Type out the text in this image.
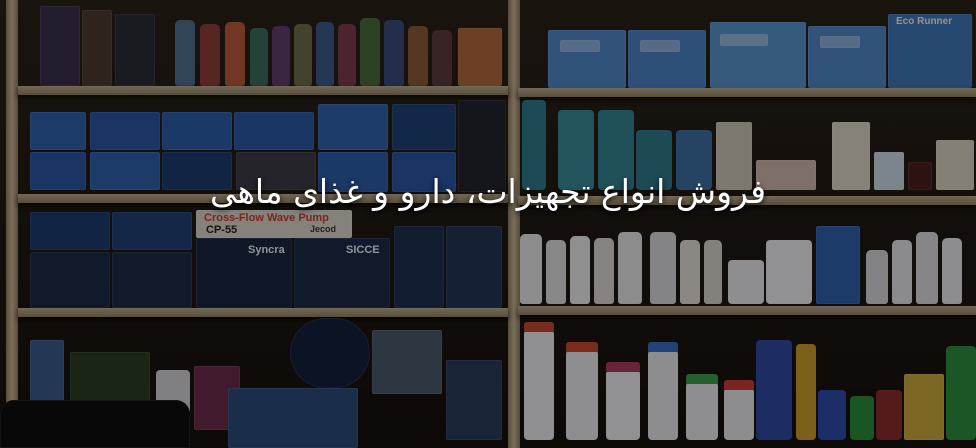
Cross-Flow Wave Pump
CP-55	Jecod
Syncra	SICCE
Eco Runner
فروش انواع تجهیزات، دارو و غذای ماهی
